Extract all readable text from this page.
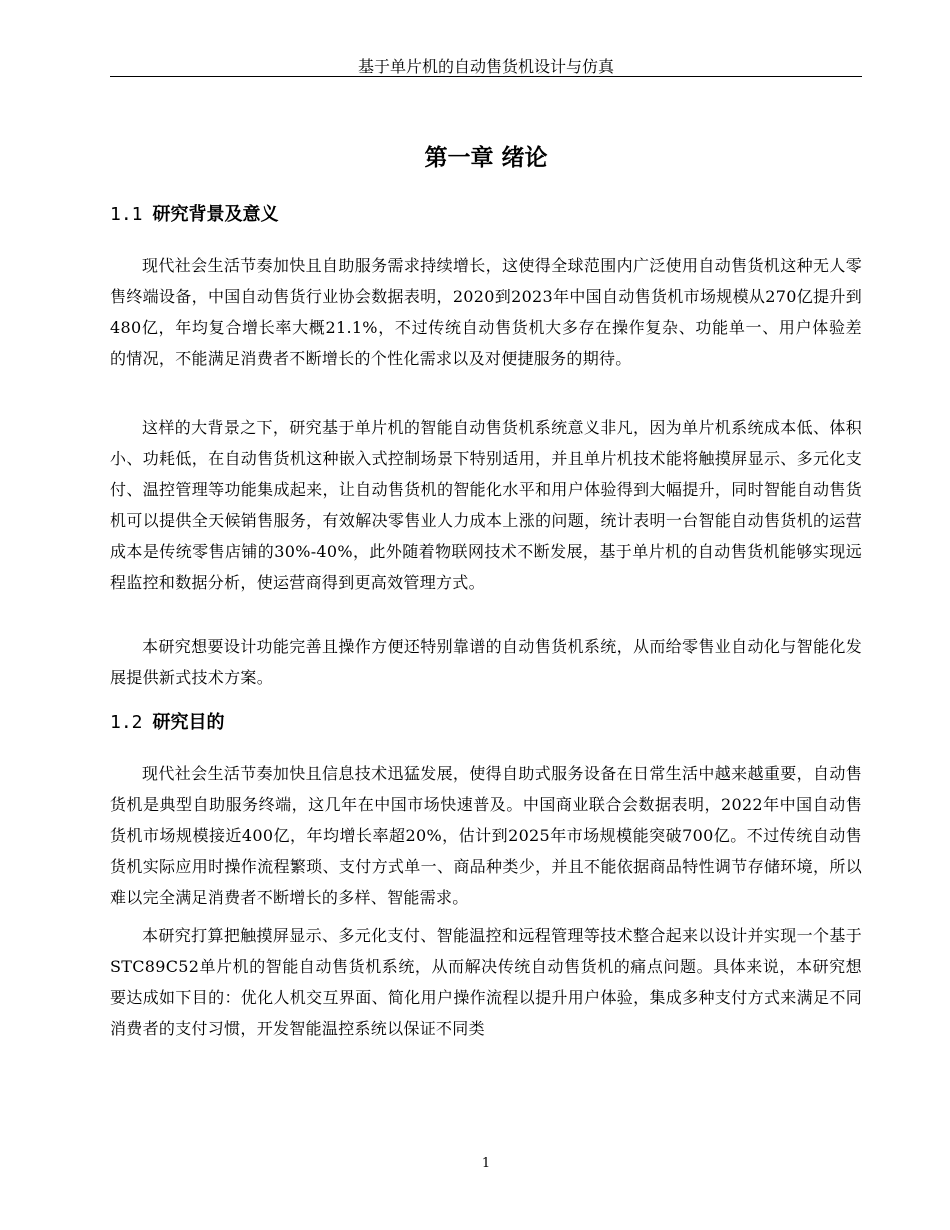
基于单片机的自动售货机设计与仿真
第一章 绪论
1.1 研究背景及意义
现代社会生活节奏加快且自助服务需求持续增长，这使得全球范围内广泛使用自动售货机这种无人零售终端设备，中国自动售货行业协会数据表明，2020到2023年中国自动售货机市场规模从270亿提升到480亿，年均复合增长率大概21.1%，不过传统自动售货机大多存在操作复杂、功能单一、用户体验差的情况，不能满足消费者不断增长的个性化需求以及对便捷服务的期待。
这样的大背景之下，研究基于单片机的智能自动售货机系统意义非凡，因为单片机系统成本低、体积小、功耗低，在自动售货机这种嵌入式控制场景下特别适用，并且单片机技术能将触摸屏显示、多元化支付、温控管理等功能集成起来，让自动售货机的智能化水平和用户体验得到大幅提升，同时智能自动售货机可以提供全天候销售服务，有效解决零售业人力成本上涨的问题，统计表明一台智能自动售货机的运营成本是传统零售店铺的30%-40%，此外随着物联网技术不断发展，基于单片机的自动售货机能够实现远程监控和数据分析，使运营商得到更高效管理方式。
本研究想要设计功能完善且操作方便还特别靠谱的自动售货机系统，从而给零售业自动化与智能化发展提供新式技术方案。
1.2 研究目的
现代社会生活节奏加快且信息技术迅猛发展，使得自助式服务设备在日常生活中越来越重要，自动售货机是典型自助服务终端，这几年在中国市场快速普及。中国商业联合会数据表明，2022年中国自动售货机市场规模接近400亿，年均增长率超20%，估计到2025年市场规模能突破700亿。不过传统自动售货机实际应用时操作流程繁琐、支付方式单一、商品种类少，并且不能依据商品特性调节存储环境，所以难以完全满足消费者不断增长的多样、智能需求。
本研究打算把触摸屏显示、多元化支付、智能温控和远程管理等技术整合起来以设计并实现一个基于STC89C52单片机的智能自动售货机系统，从而解决传统自动售货机的痛点问题。具体来说，本研究想要达成如下目的：优化人机交互界面、简化用户操作流程以提升用户体验，集成多种支付方式来满足不同消费者的支付习惯，开发智能温控系统以保证不同类
1
